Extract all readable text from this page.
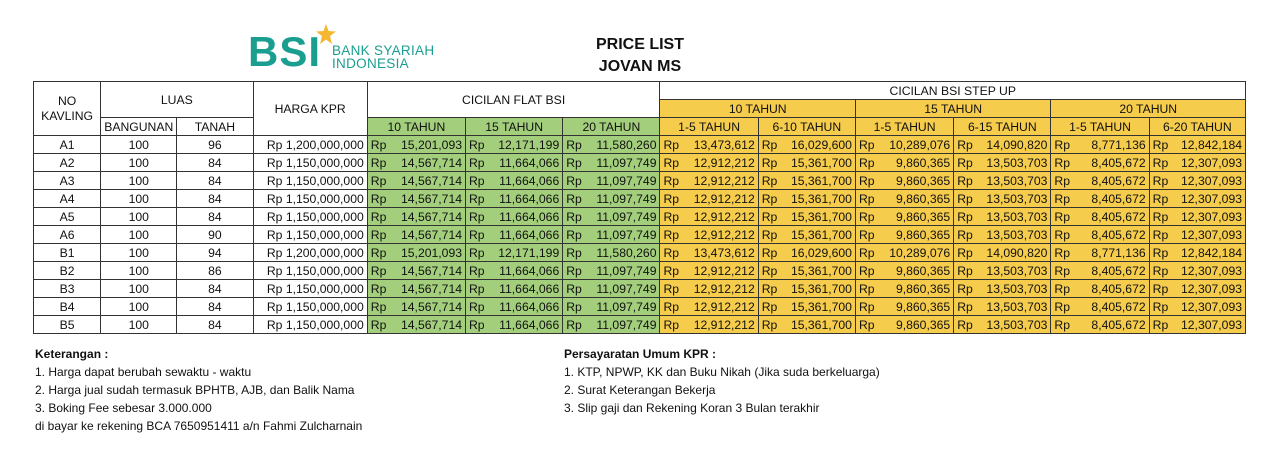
BSI BANK SYARIAH
INDONESIA
PRICE LIST
JOVAN MS
NO KAVLING	LUAS		HARGA KPR	CICILAN FLAT BSI			CICILAN BSI STEP UP					
							10 TAHUN		15 TAHUN		20 TAHUN	
	BANGUNAN	TANAH		10 TAHUN	15 TAHUN	20 TAHUN	1-5 TAHUN	6-10 TAHUN	1-5 TAHUN	6-15 TAHUN	1-5 TAHUN	6-20 TAHUN
A1	100	96	Rp 1,200,000,000	Rp 15,201,093	Rp 12,171,199	Rp 11,580,260	Rp 13,473,612	Rp 16,029,600	Rp 10,289,076	Rp 14,090,820	Rp 8,771,136	Rp 12,842,184

A2	100	84	Rp 1,150,000,000	Rp 14,567,714	Rp 11,664,066	Rp 11,097,749	Rp 12,912,212	Rp 15,361,700	Rp 9,860,365	Rp 13,503,703	Rp 8,405,672	Rp 12,307,093

A3	100	84	Rp 1,150,000,000	Rp 14,567,714	Rp 11,664,066	Rp 11,097,749	Rp 12,912,212	Rp 15,361,700	Rp 9,860,365	Rp 13,503,703	Rp 8,405,672	Rp 12,307,093

A4	100	84	Rp 1,150,000,000	Rp 14,567,714	Rp 11,664,066	Rp 11,097,749	Rp 12,912,212	Rp 15,361,700	Rp 9,860,365	Rp 13,503,703	Rp 8,405,672	Rp 12,307,093

A5	100	84	Rp 1,150,000,000	Rp 14,567,714	Rp 11,664,066	Rp 11,097,749	Rp 12,912,212	Rp 15,361,700	Rp 9,860,365	Rp 13,503,703	Rp 8,405,672	Rp 12,307,093

A6	100	90	Rp 1,150,000,000	Rp 14,567,714	Rp 11,664,066	Rp 11,097,749	Rp 12,912,212	Rp 15,361,700	Rp 9,860,365	Rp 13,503,703	Rp 8,405,672	Rp 12,307,093

B1	100	94	Rp 1,200,000,000	Rp 15,201,093	Rp 12,171,199	Rp 11,580,260	Rp 13,473,612	Rp 16,029,600	Rp 10,289,076	Rp 14,090,820	Rp 8,771,136	Rp 12,842,184

B2	100	86	Rp 1,150,000,000	Rp 14,567,714	Rp 11,664,066	Rp 11,097,749	Rp 12,912,212	Rp 15,361,700	Rp 9,860,365	Rp 13,503,703	Rp 8,405,672	Rp 12,307,093

B3	100	84	Rp 1,150,000,000	Rp 14,567,714	Rp 11,664,066	Rp 11,097,749	Rp 12,912,212	Rp 15,361,700	Rp 9,860,365	Rp 13,503,703	Rp 8,405,672	Rp 12,307,093

B4	100	84	Rp 1,150,000,000	Rp 14,567,714	Rp 11,664,066	Rp 11,097,749	Rp 12,912,212	Rp 15,361,700	Rp 9,860,365	Rp 13,503,703	Rp 8,405,672	Rp 12,307,093

B5	100	84	Rp 1,150,000,000	Rp 14,567,714	Rp 11,664,066	Rp 11,097,749	Rp 12,912,212	Rp 15,361,700	Rp 9,860,365	Rp 13,503,703	Rp 8,405,672	Rp 12,307,093
Keterangan :
1. Harga dapat berubah sewaktu - waktu
2. Harga jual sudah termasuk BPHTB, AJB, dan Balik Nama
3. Boking Fee sebesar 3.000.000
di bayar ke rekening BCA 7650951411 a/n Fahmi Zulcharnain
Persayaratan Umum KPR :
1. KTP, NPWP, KK dan Buku Nikah (Jika suda berkeluarga)
2. Surat Keterangan Bekerja
3. Slip gaji dan Rekening Koran 3 Bulan terakhir
